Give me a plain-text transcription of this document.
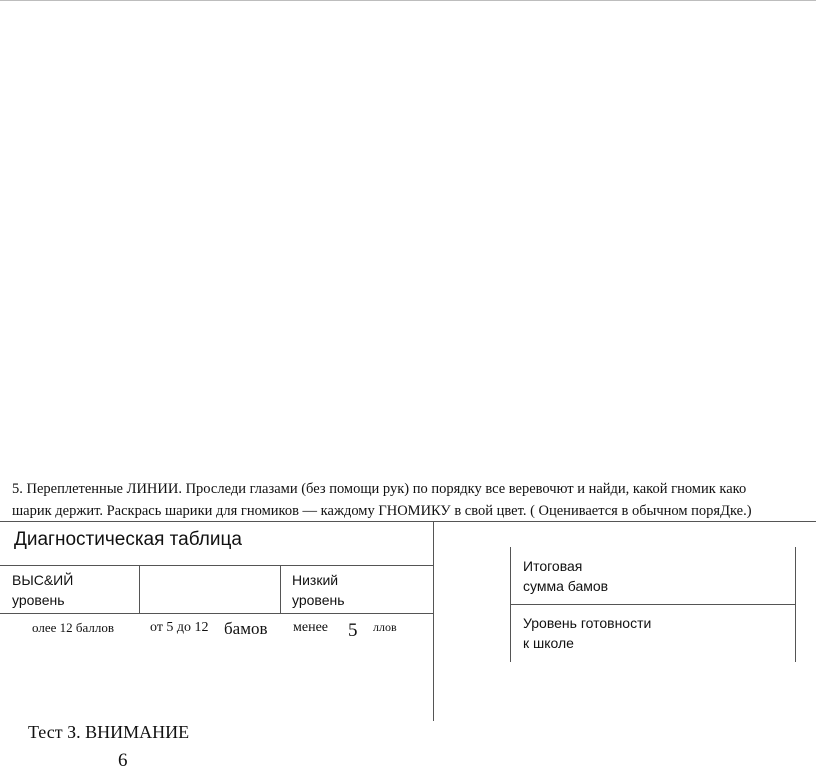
5. Переплетенные ЛИНИИ. Проследи глазами (без помощи рук) по порядку все веревочют и найди, какой гномик како
шарик держит. Раскрась шарики для гномиков — каждому ГНОМИКУ в свой цвет. ( Оценивается в обычном поряДке.)
Диагностическая таблица
ВЫС&ИЙ
уровень
Низкий
уровень
олее 12 баллов	от 5 до 12 бамов менее 5 ллов
Итоговая
сумма бамов
Уровень готовности
к школе
Тест З. ВНИМАНИЕ
6
